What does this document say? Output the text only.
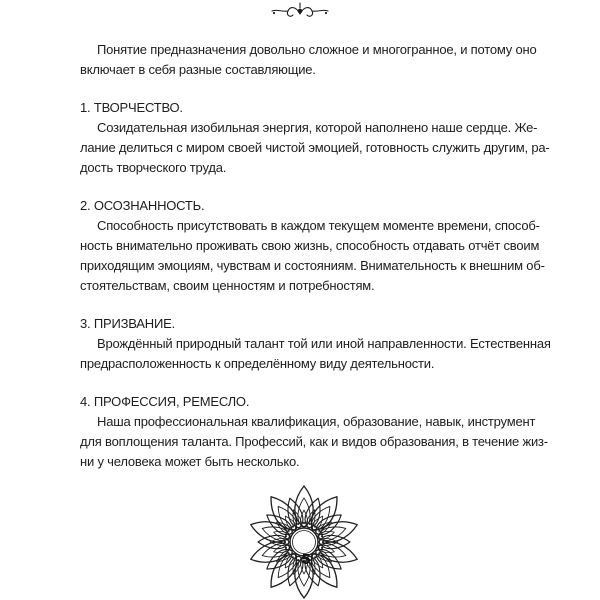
Понятие предназначения довольно сложное и многогранное, и потому оно
включает в себя разные составляющие.

1. ТВОРЧЕСТВО.

Созидательная изобильная энергия, которой наполнено наше сердце. Же-
лание делиться с миром своей чистой эмоцией, готовность служить другим, ра-
дость творческого труда.

2. ОСОЗНАННОСТЬ.

Способность присутствовать в каждом текущем моменте времени, способ-
ность внимательно проживать свою жизнь, способность отдавать отчёт своим
приходящим эмоциям, чувствам и состояниям. Внимательность к внешним об-
стоятельствам, своим ценностям и потребностям.

3. ПРИЗВАНИЕ.

Врождённый природный талант той или иной направленности. Естественная
предрасположенность к определённому виду деятельности.

4. ПРОФЕССИЯ, РЕМЕСЛО.

Наша профессиональная квалификация, образование, навык, инструмент
для воплощения таланта. Профессий, как и видов образования, в течение жиз-
ни у человека может быть несколько.

5
